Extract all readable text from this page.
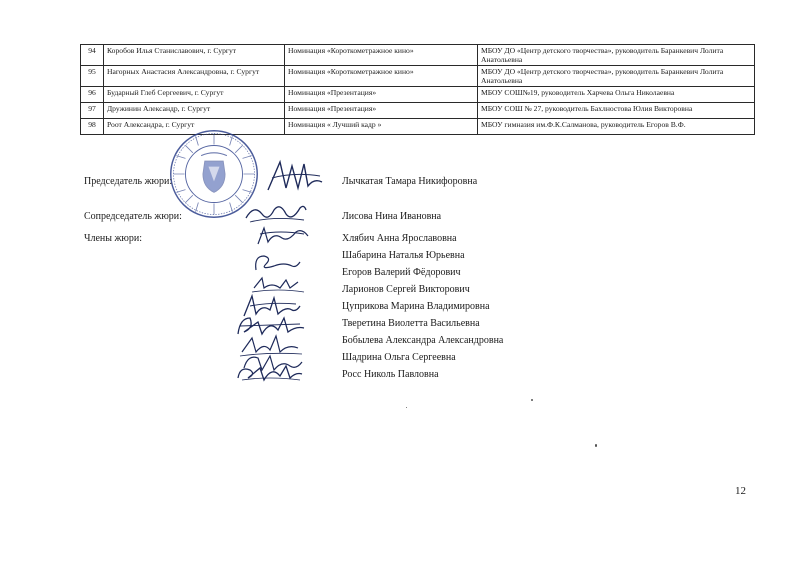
94	Коробов Илья Станиславович, г. Сургут	Номинация «Короткометражное кино»	МБОУ ДО «Центр детского творчества», руководитель Баранкевич Лолита Анатольевна
95	Нагорных Анастасия Александровна, г. Сургут	Номинация «Короткометражное кино»	МБОУ ДО «Центр детского творчества», руководитель Баранкевич Лолита Анатольевна
96	Бударный Глеб Сергеевич, г. Сургут	Номинация «Презентация»	МБОУ СОШ№19, руководитель Харчева Ольга Николаевна
97	Дружинин Александр, г. Сургут	Номинация «Презентация»	МБОУ СОШ № 27, руководитель Бахлностова Юлия Викторовна
98	Роот Александра, г. Сургут	Номинация « Лучший кадр »	МБОУ гимназия им.Ф.К.Салманова, руководитель Егоров В.Ф.
Председатель жюри:	Лычкатая Тамара Никифоровна
Сопредседатель жюри:	Лисова Нина Ивановна
Члены жюри:	Хлябич Анна Ярославовна
Шабарина Наталья Юрьевна
Егоров Валерий Фёдорович
Ларионов Сергей Викторович
Цуприкова Марина Владимировна
Тверетина Виолетта Васильевна
Бобылева Александра Александровна
Шадрина Ольга Сергеевна
Росс Николь Павловна
12
